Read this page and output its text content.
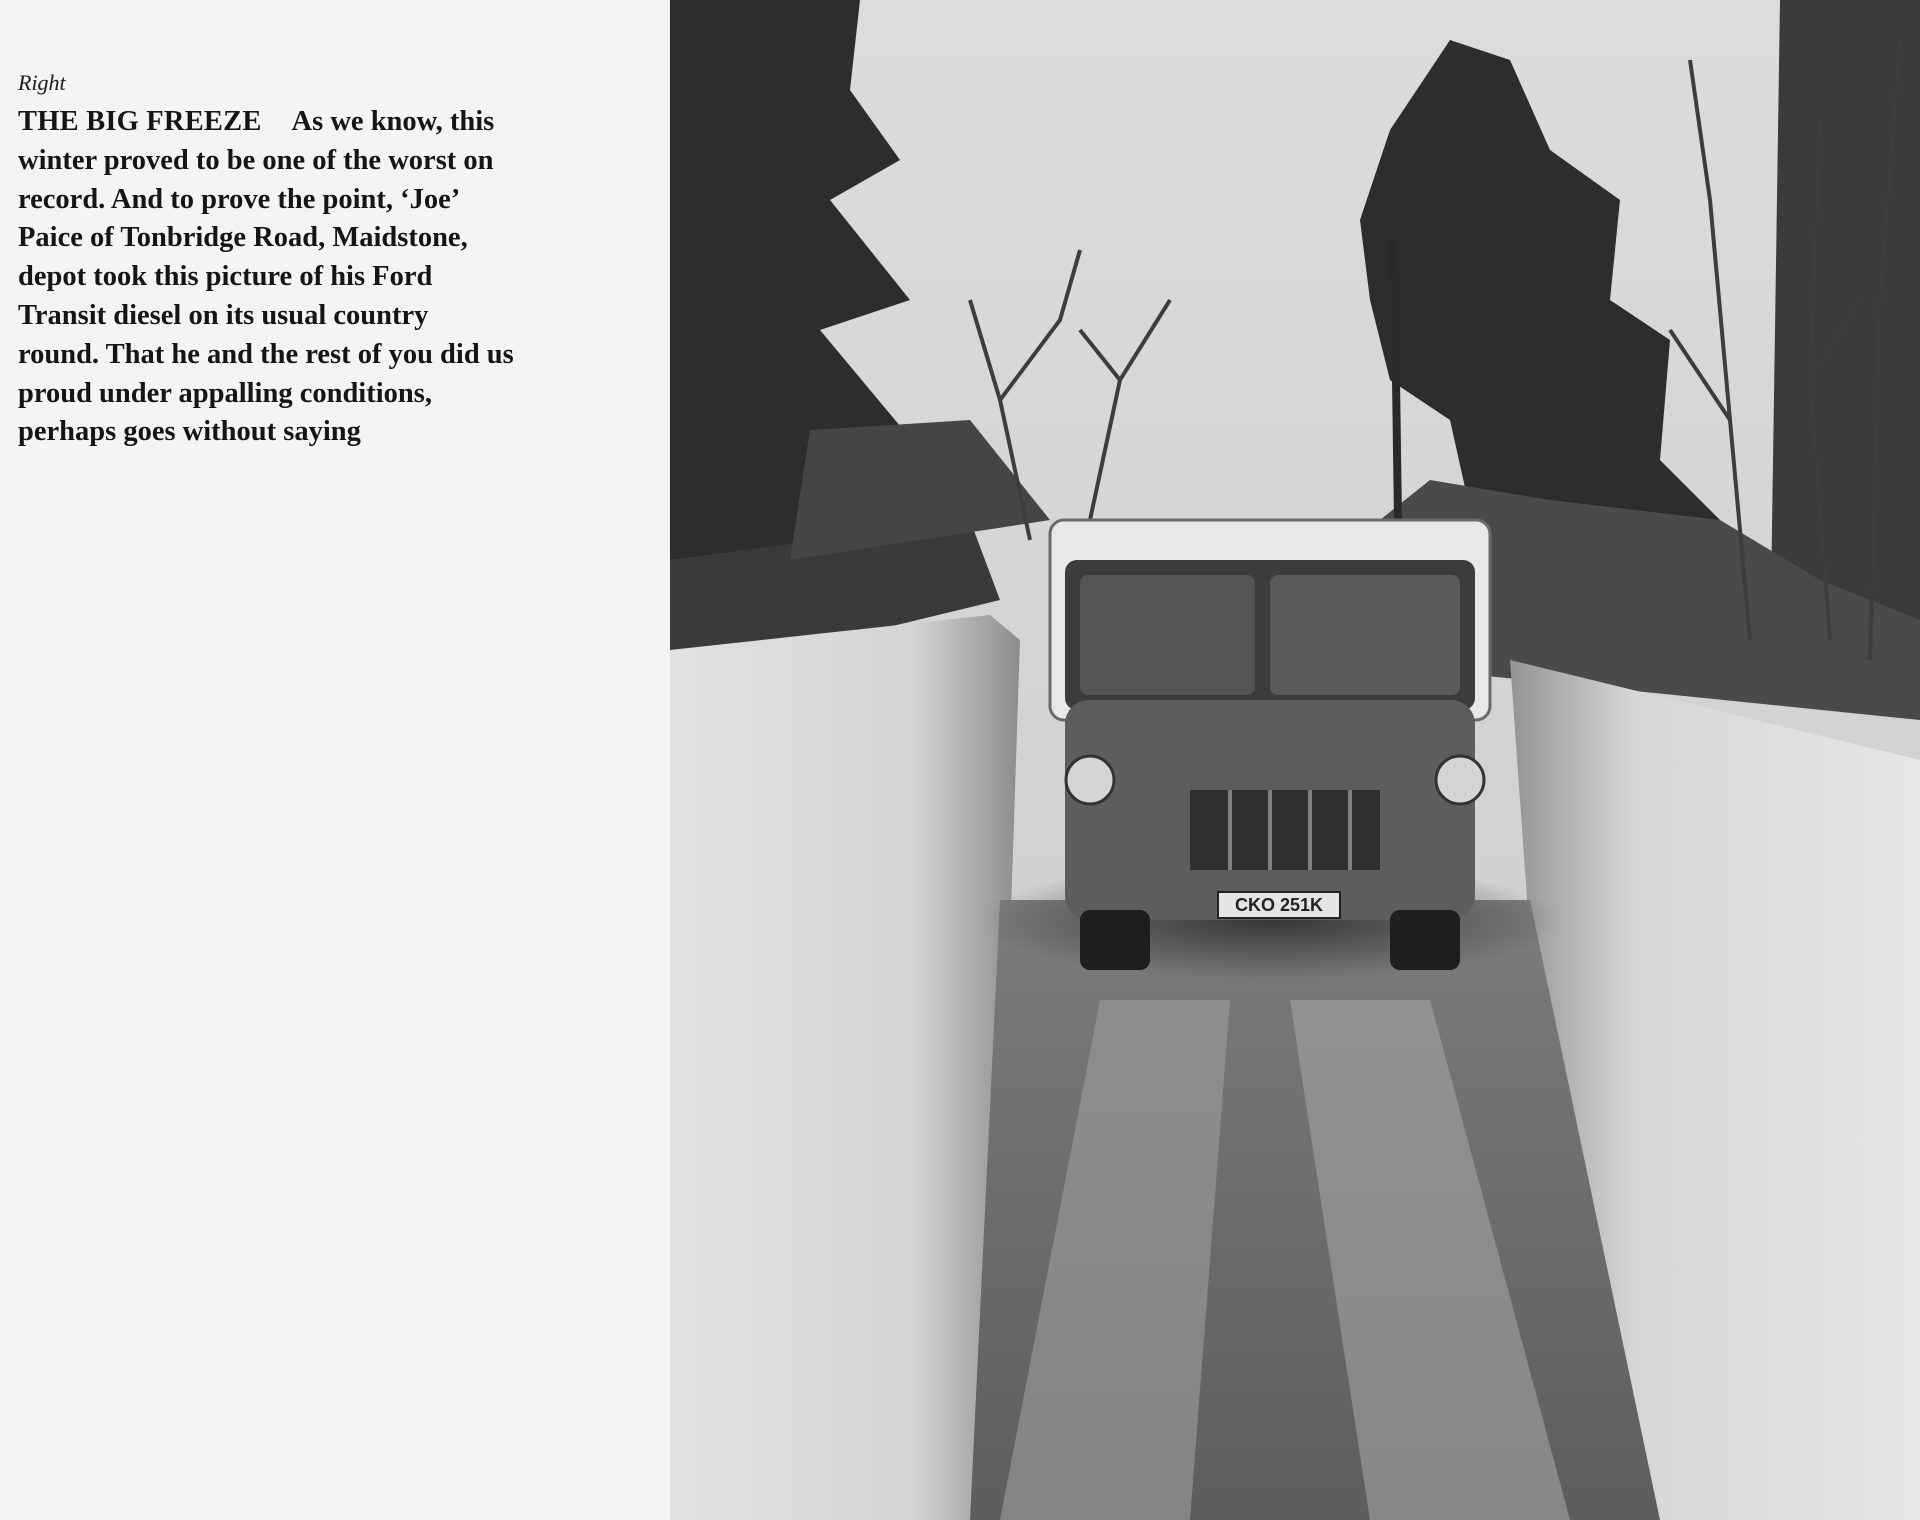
Right

THE BIG FREEZE As we know, this
winter proved to be one of the worst on
record. And to prove the point, ‘Joe’
Paice of Tonbridge Road, Maidstone,
depot took this picture of his Ford
Transit diesel on its usual country
round. That he and the rest of you did us
proud under appalling conditions,
perhaps goes without saying

CKO 251K
